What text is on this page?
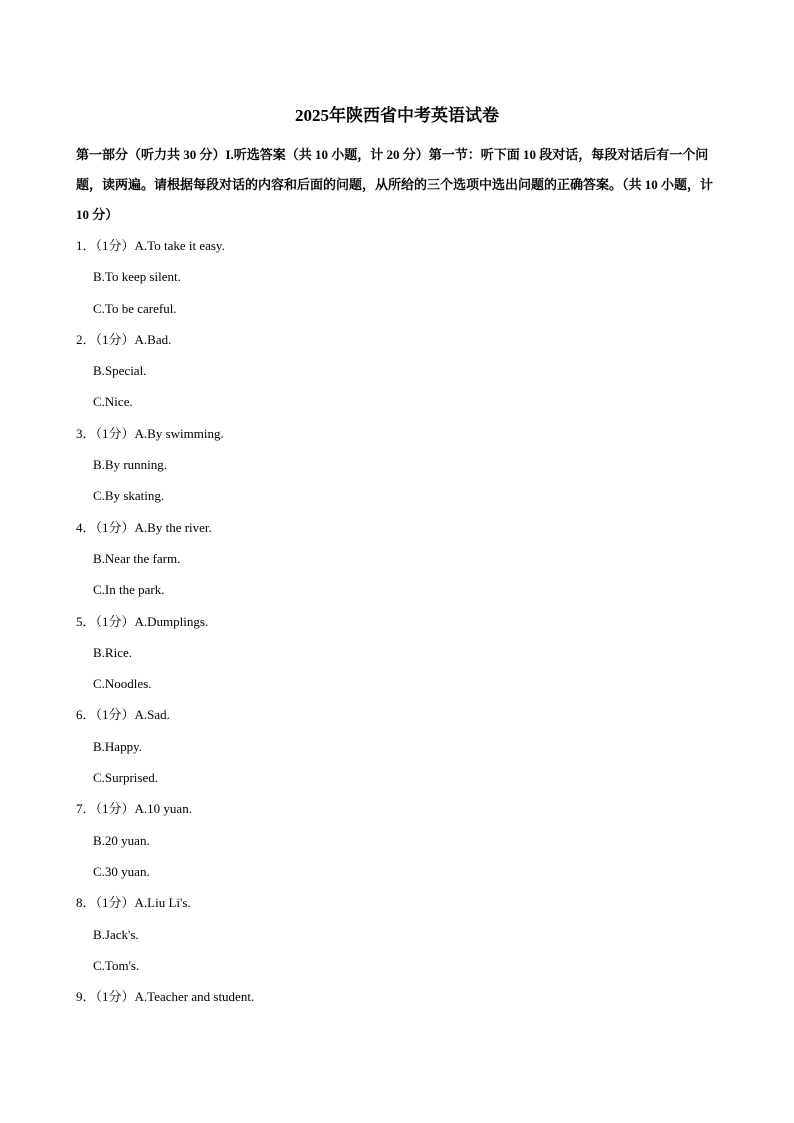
2025年陕西省中考英语试卷
第一部分（听力共 30 分）I.听选答案（共 10 小题，计 20 分）第一节：听下面 10 段对话，每段对话后有一个问题，读两遍。请根据每段对话的内容和后面的问题，从所给的三个选项中选出问题的正确答案。（共 10 小题，计 10 分）
1．（1分）A.To take it easy.
B.To keep silent.
C.To be careful.
2．（1分）A.Bad.
B.Special.
C.Nice.
3．（1分）A.By swimming.
B.By running.
C.By skating.
4．（1分）A.By the river.
B.Near the farm.
C.In the park.
5．（1分）A.Dumplings.
B.Rice.
C.Noodles.
6．（1分）A.Sad.
B.Happy.
C.Surprised.
7．（1分）A.10 yuan.
B.20 yuan.
C.30 yuan.
8．（1分）A.Liu Li's.
B.Jack's.
C.Tom's.
9．（1分）A.Teacher and student.
